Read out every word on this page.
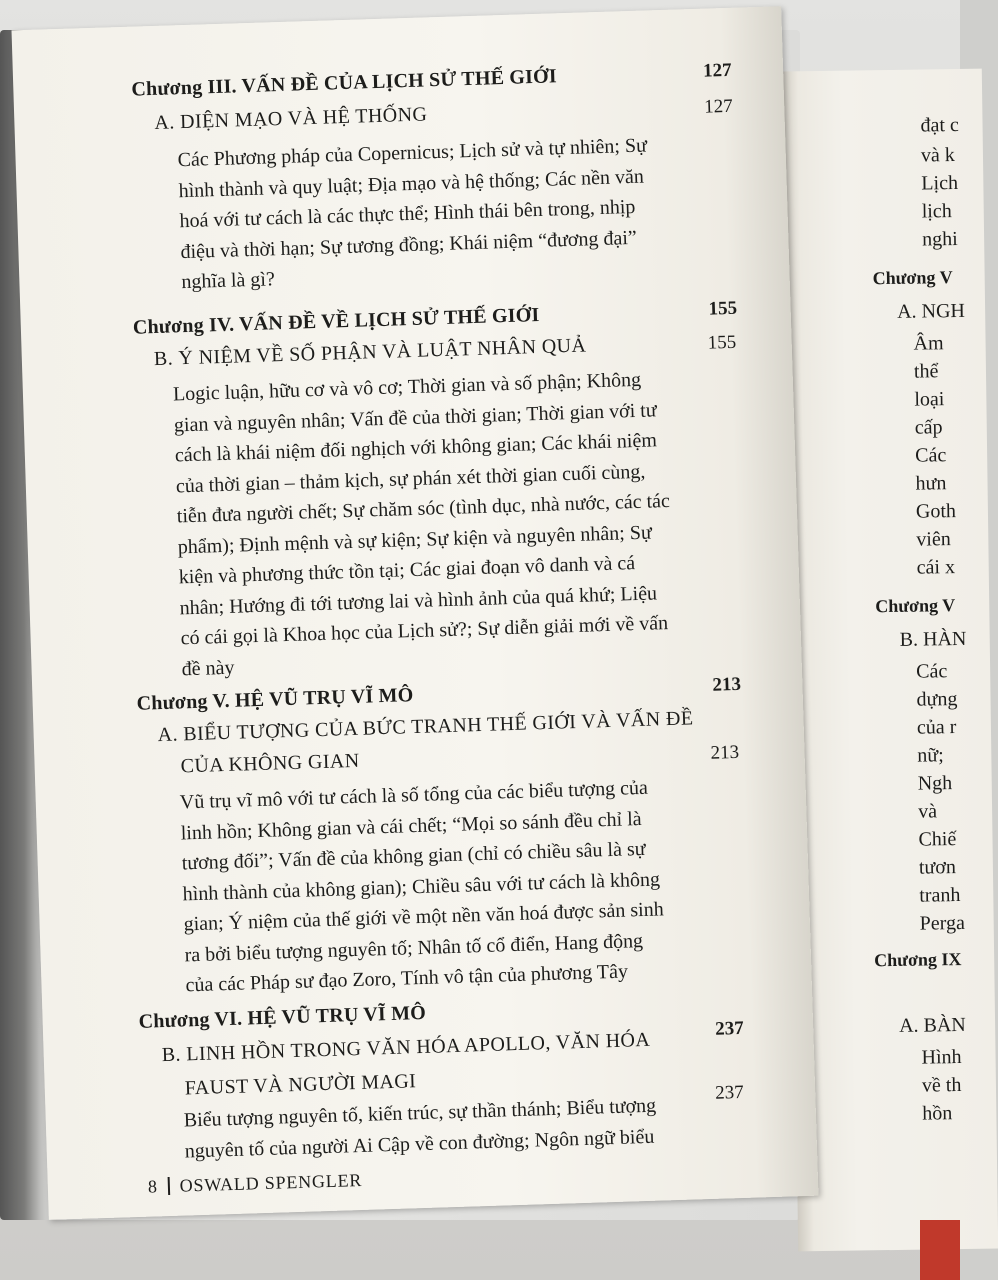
đạt c
và k
Lịch
lịch
nghi
Chương V
A. NGH
Âm
thể
loại
cấp
Các
hưn
Goth
viên
cái x
Chương V
B. HÀN
Các
dựng
của r
nữ;
Ngh
và
Chiế
tươn
tranh
Perga
Chương IX
A. BÀN
Hình
về th
hồn
Chương III. VẤN ĐỀ CỦA LỊCH SỬ THẾ GIỚI	127
A. DIỆN MẠO VÀ HỆ THỐNG	127
Các Phương pháp của Copernicus; Lịch sử và tự nhiên; Sự
hình thành và quy luật; Địa mạo và hệ thống; Các nền văn
hoá với tư cách là các thực thể; Hình thái bên trong, nhịp
điệu và thời hạn; Sự tương đồng; Khái niệm “đương đại”
nghĩa là gì?
Chương IV. VẤN ĐỀ VỀ LỊCH SỬ THẾ GIỚI	155
B. Ý NIỆM VỀ SỐ PHẬN VÀ LUẬT NHÂN QUẢ	155
Logic luận, hữu cơ và vô cơ; Thời gian và số phận; Không
gian và nguyên nhân; Vấn đề của thời gian; Thời gian với tư
cách là khái niệm đối nghịch với không gian; Các khái niệm
của thời gian – thảm kịch, sự phán xét thời gian cuối cùng,
tiễn đưa người chết; Sự chăm sóc (tình dục, nhà nước, các tác
phẩm); Định mệnh và sự kiện; Sự kiện và nguyên nhân; Sự
kiện và phương thức tồn tại; Các giai đoạn vô danh và cá
nhân; Hướng đi tới tương lai và hình ảnh của quá khứ; Liệu
có cái gọi là Khoa học của Lịch sử?; Sự diễn giải mới về vấn
đề này
Chương V. HỆ VŨ TRỤ VĨ MÔ	213
A. BIỂU TƯỢNG CỦA BỨC TRANH THẾ GIỚI VÀ VẤN ĐỀ
CỦA KHÔNG GIAN	213
Vũ trụ vĩ mô với tư cách là số tổng của các biểu tượng của
linh hồn; Không gian và cái chết; “Mọi so sánh đều chỉ là
tương đối”; Vấn đề của không gian (chỉ có chiều sâu là sự
hình thành của không gian); Chiều sâu với tư cách là không
gian; Ý niệm của thế giới về một nền văn hoá được sản sinh
ra bởi biểu tượng nguyên tố; Nhân tố cổ điển, Hang động
của các Pháp sư đạo Zoro, Tính vô tận của phương Tây
Chương VI. HỆ VŨ TRỤ VĨ MÔ	237
B. LINH HỒN TRONG VĂN HÓA APOLLO, VĂN HÓA
FAUST VÀ NGƯỜI MAGI	237
Biểu tượng nguyên tố, kiến trúc, sự thần thánh; Biểu tượng
nguyên tố của người Ai Cập về con đường; Ngôn ngữ biểu
8 OSWALD SPENGLER
